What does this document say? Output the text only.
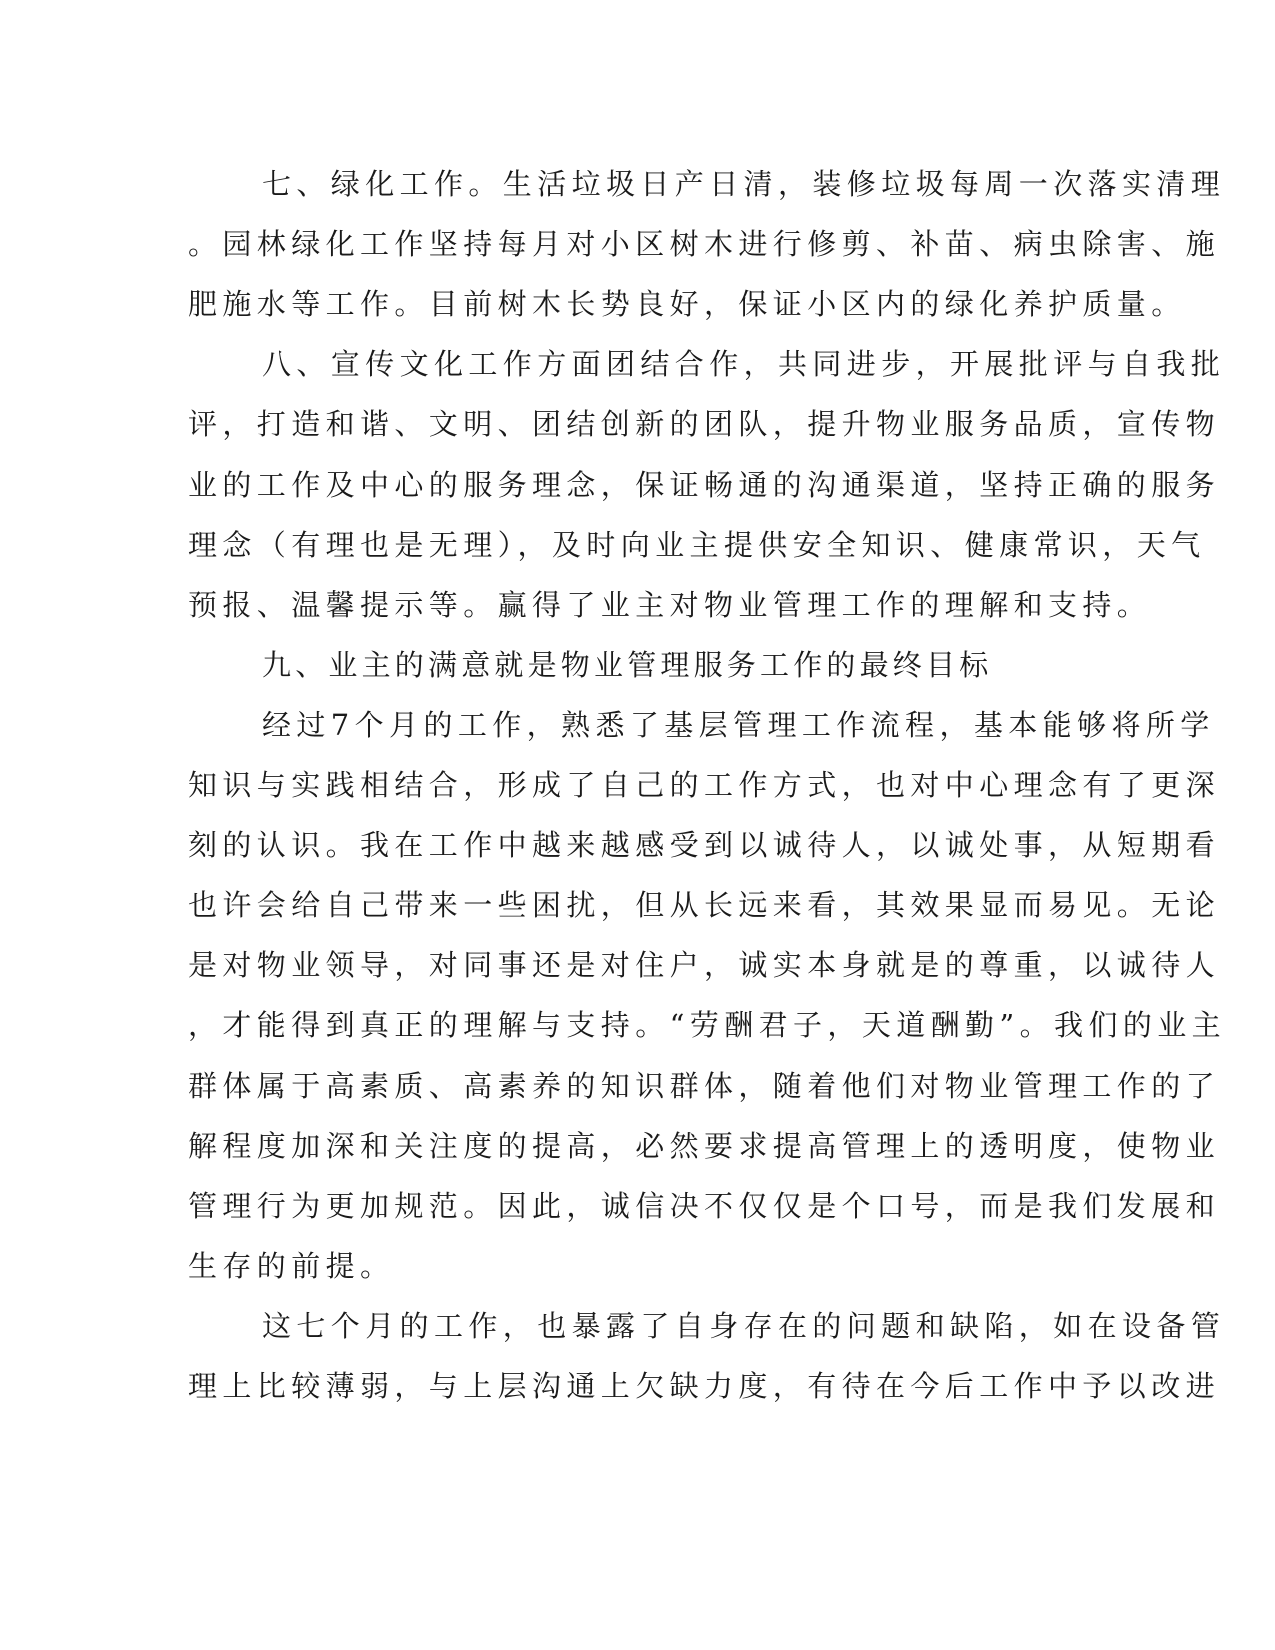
七、绿化工作。生活垃圾日产日清，装修垃圾每周一次落实清理
。园林绿化工作坚持每月对小区树木进行修剪、补苗、病虫除害、施
肥施水等工作。目前树木长势良好，保证小区内的绿化养护质量。
八、宣传文化工作方面团结合作，共同进步，开展批评与自我批
评，打造和谐、文明、团结创新的团队，提升物业服务品质，宣传物
业的工作及中心的服务理念，保证畅通的沟通渠道，坚持正确的服务
理念（有理也是无理），及时向业主提供安全知识、健康常识，天气
预报、温馨提示等。赢得了业主对物业管理工作的理解和支持。
九、业主的满意就是物业管理服务工作的最终目标
经过7个月的工作，熟悉了基层管理工作流程，基本能够将所学
知识与实践相结合，形成了自己的工作方式，也对中心理念有了更深
刻的认识。我在工作中越来越感受到以诚待人，以诚处事，从短期看
也许会给自己带来一些困扰，但从长远来看，其效果显而易见。无论
是对物业领导，对同事还是对住户，诚实本身就是的尊重，以诚待人
，才能得到真正的理解与支持。“劳酬君子，天道酬勤”。我们的业主
群体属于高素质、高素养的知识群体，随着他们对物业管理工作的了
解程度加深和关注度的提高，必然要求提高管理上的透明度，使物业
管理行为更加规范。因此，诚信决不仅仅是个口号，而是我们发展和
生存的前提。
这七个月的工作，也暴露了自身存在的问题和缺陷，如在设备管
理上比较薄弱，与上层沟通上欠缺力度，有待在今后工作中予以改进
